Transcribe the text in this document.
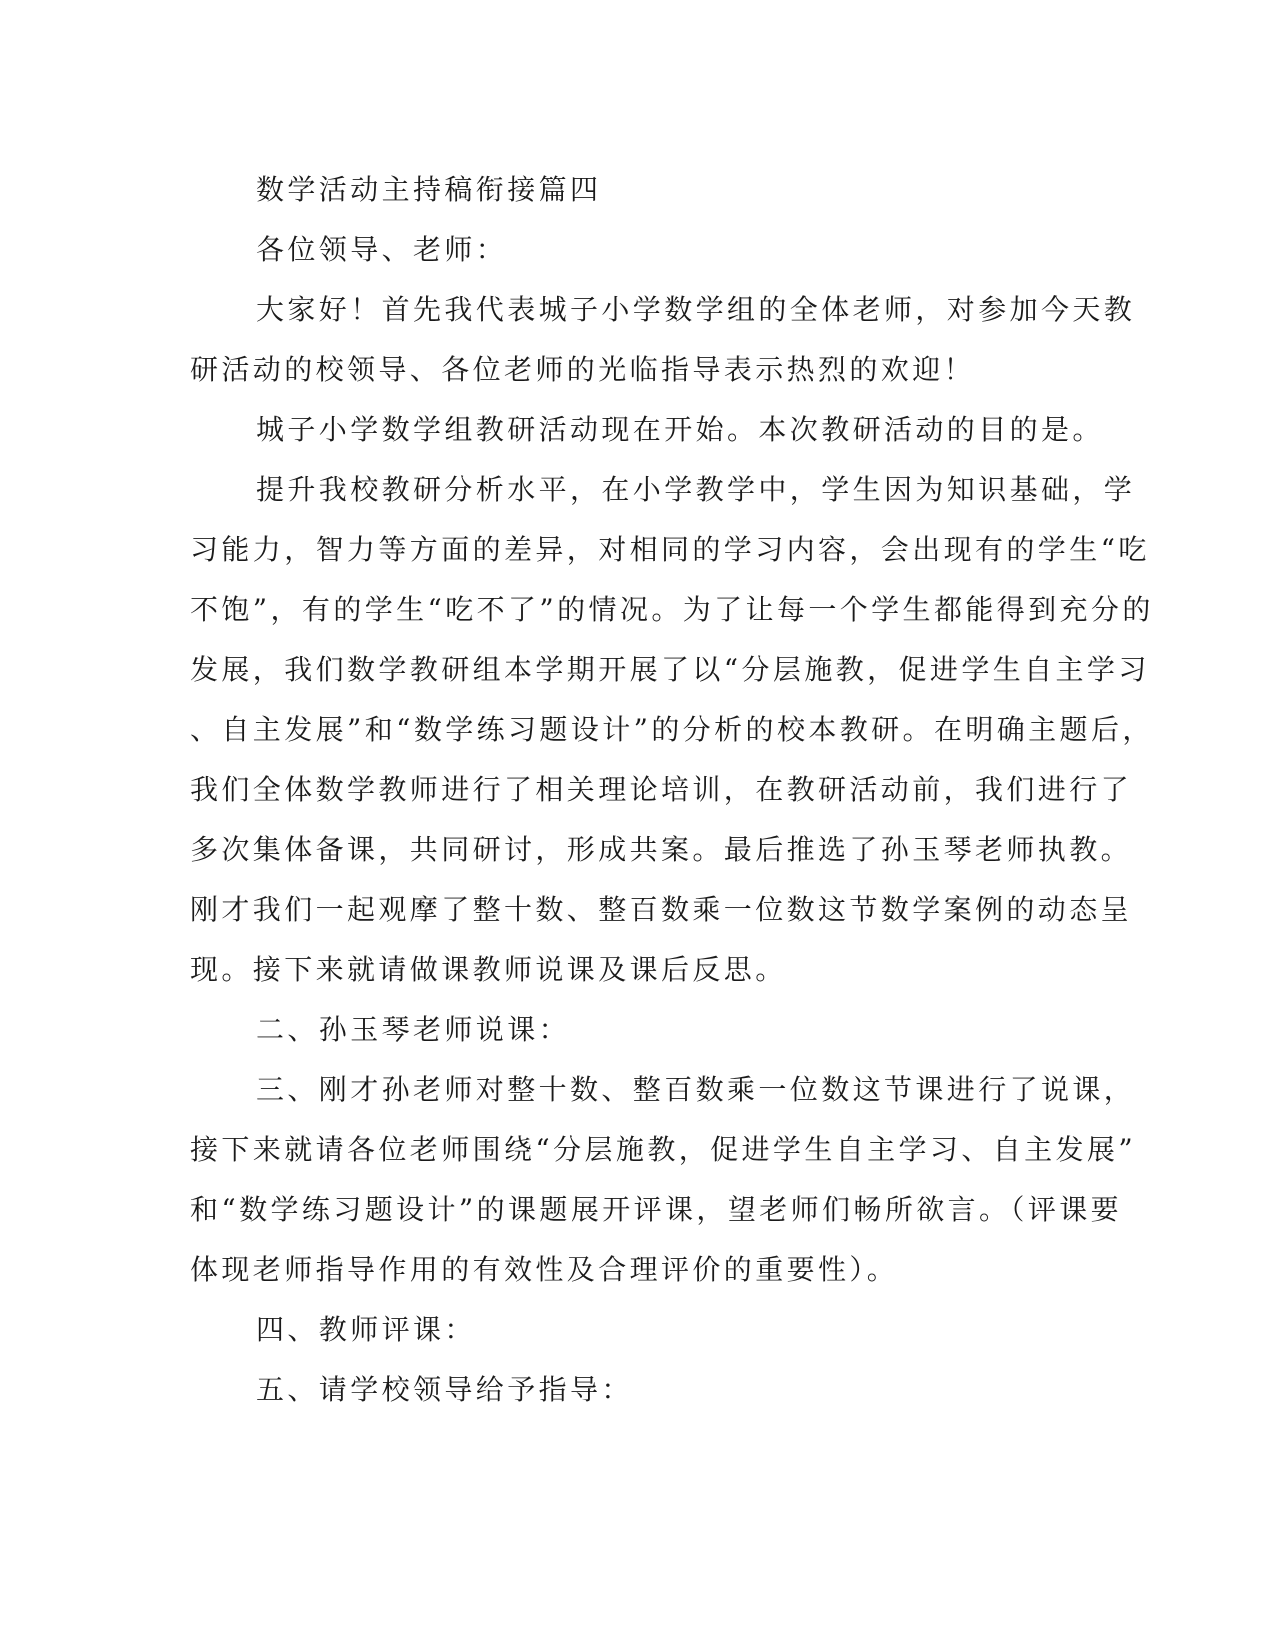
数学活动主持稿衔接篇四

各位领导、老师：

大家好！首先我代表城子小学数学组的全体老师，对参加今天教

研活动的校领导、各位老师的光临指导表示热烈的欢迎！

城子小学数学组教研活动现在开始。本次教研活动的目的是。

提升我校教研分析水平，在小学教学中，学生因为知识基础，学

习能力，智力等方面的差异，对相同的学习内容，会出现有的学生“吃

不饱”，有的学生“吃不了”的情况。为了让每一个学生都能得到充分的

发展，我们数学教研组本学期开展了以“分层施教，促进学生自主学习

、自主发展”和“数学练习题设计”的分析的校本教研。在明确主题后，

我们全体数学教师进行了相关理论培训，在教研活动前，我们进行了

多次集体备课，共同研讨，形成共案。最后推选了孙玉琴老师执教。

刚才我们一起观摩了整十数、整百数乘一位数这节数学案例的动态呈

现。接下来就请做课教师说课及课后反思。

二、孙玉琴老师说课：

三、刚才孙老师对整十数、整百数乘一位数这节课进行了说课，

接下来就请各位老师围绕“分层施教，促进学生自主学习、自主发展”

和“数学练习题设计”的课题展开评课，望老师们畅所欲言。（评课要

体现老师指导作用的有效性及合理评价的重要性）。

四、教师评课：

五、请学校领导给予指导：
